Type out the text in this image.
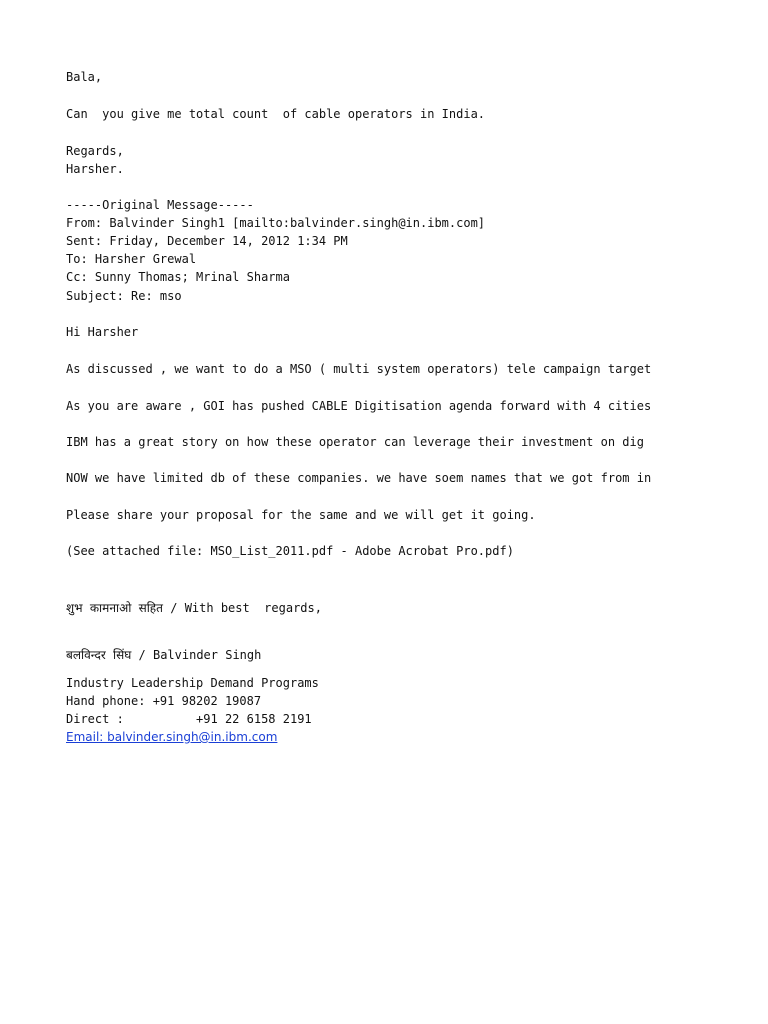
Bala,
Can  you give me total count  of cable operators in India.
Regards,
Harsher.
-----Original Message-----
From: Balvinder Singh1 [mailto:balvinder.singh@in.ibm.com]
Sent: Friday, December 14, 2012 1:34 PM
To: Harsher Grewal
Cc: Sunny Thomas; Mrinal Sharma
Subject: Re: mso
Hi Harsher
As discussed , we want to do a MSO ( multi system operators) tele campaign target
As you are aware , GOI has pushed CABLE Digitisation agenda forward with 4 cities
IBM has a great story on how these operator can leverage their investment on dig
NOW we have limited db of these companies. we have soem names that we got from in
Please share your proposal for the same and we will get it going.
(See attached file: MSO_List_2011.pdf - Adobe Acrobat Pro.pdf)
शुभ कामनाओ सहित / With best  regards,
बलविन्दर सिंघ / Balvinder Singh
Industry Leadership Demand Programs
Hand phone: +91 98202 19087
Direct :          +91 22 6158 2191
Email: balvinder.singh@in.ibm.com
